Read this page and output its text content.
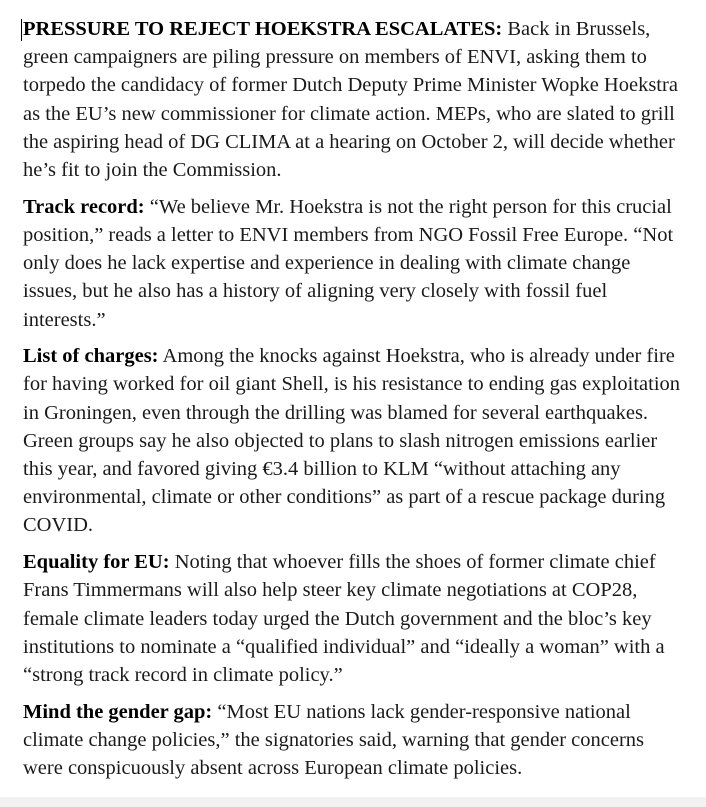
PRESSURE TO REJECT HOEKSTRA ESCALATES: Back in Brussels, green campaigners are piling pressure on members of ENVI, asking them to torpedo the candidacy of former Dutch Deputy Prime Minister Wopke Hoekstra as the EU’s new commissioner for climate action. MEPs, who are slated to grill the aspiring head of DG CLIMA at a hearing on October 2, will decide whether he’s fit to join the Commission.

Track record: “We believe Mr. Hoekstra is not the right person for this crucial position,” reads a letter to ENVI members from NGO Fossil Free Europe. “Not only does he lack expertise and experience in dealing with climate change issues, but he also has a history of aligning very closely with fossil fuel interests.”

List of charges: Among the knocks against Hoekstra, who is already under fire for having worked for oil giant Shell, is his resistance to ending gas exploitation in Groningen, even through the drilling was blamed for several earthquakes. Green groups say he also objected to plans to slash nitrogen emissions earlier this year, and favored giving €3.4 billion to KLM “without attaching any environmental, climate or other conditions” as part of a rescue package during COVID.

Equality for EU: Noting that whoever fills the shoes of former climate chief Frans Timmermans will also help steer key climate negotiations at COP28, female climate leaders today urged the Dutch government and the bloc’s key institutions to nominate a “qualified individual” and “ideally a woman” with a “strong track record in climate policy.”

Mind the gender gap: “Most EU nations lack gender-responsive national climate change policies,” the signatories said, warning that gender concerns were conspicuously absent across European climate policies.
